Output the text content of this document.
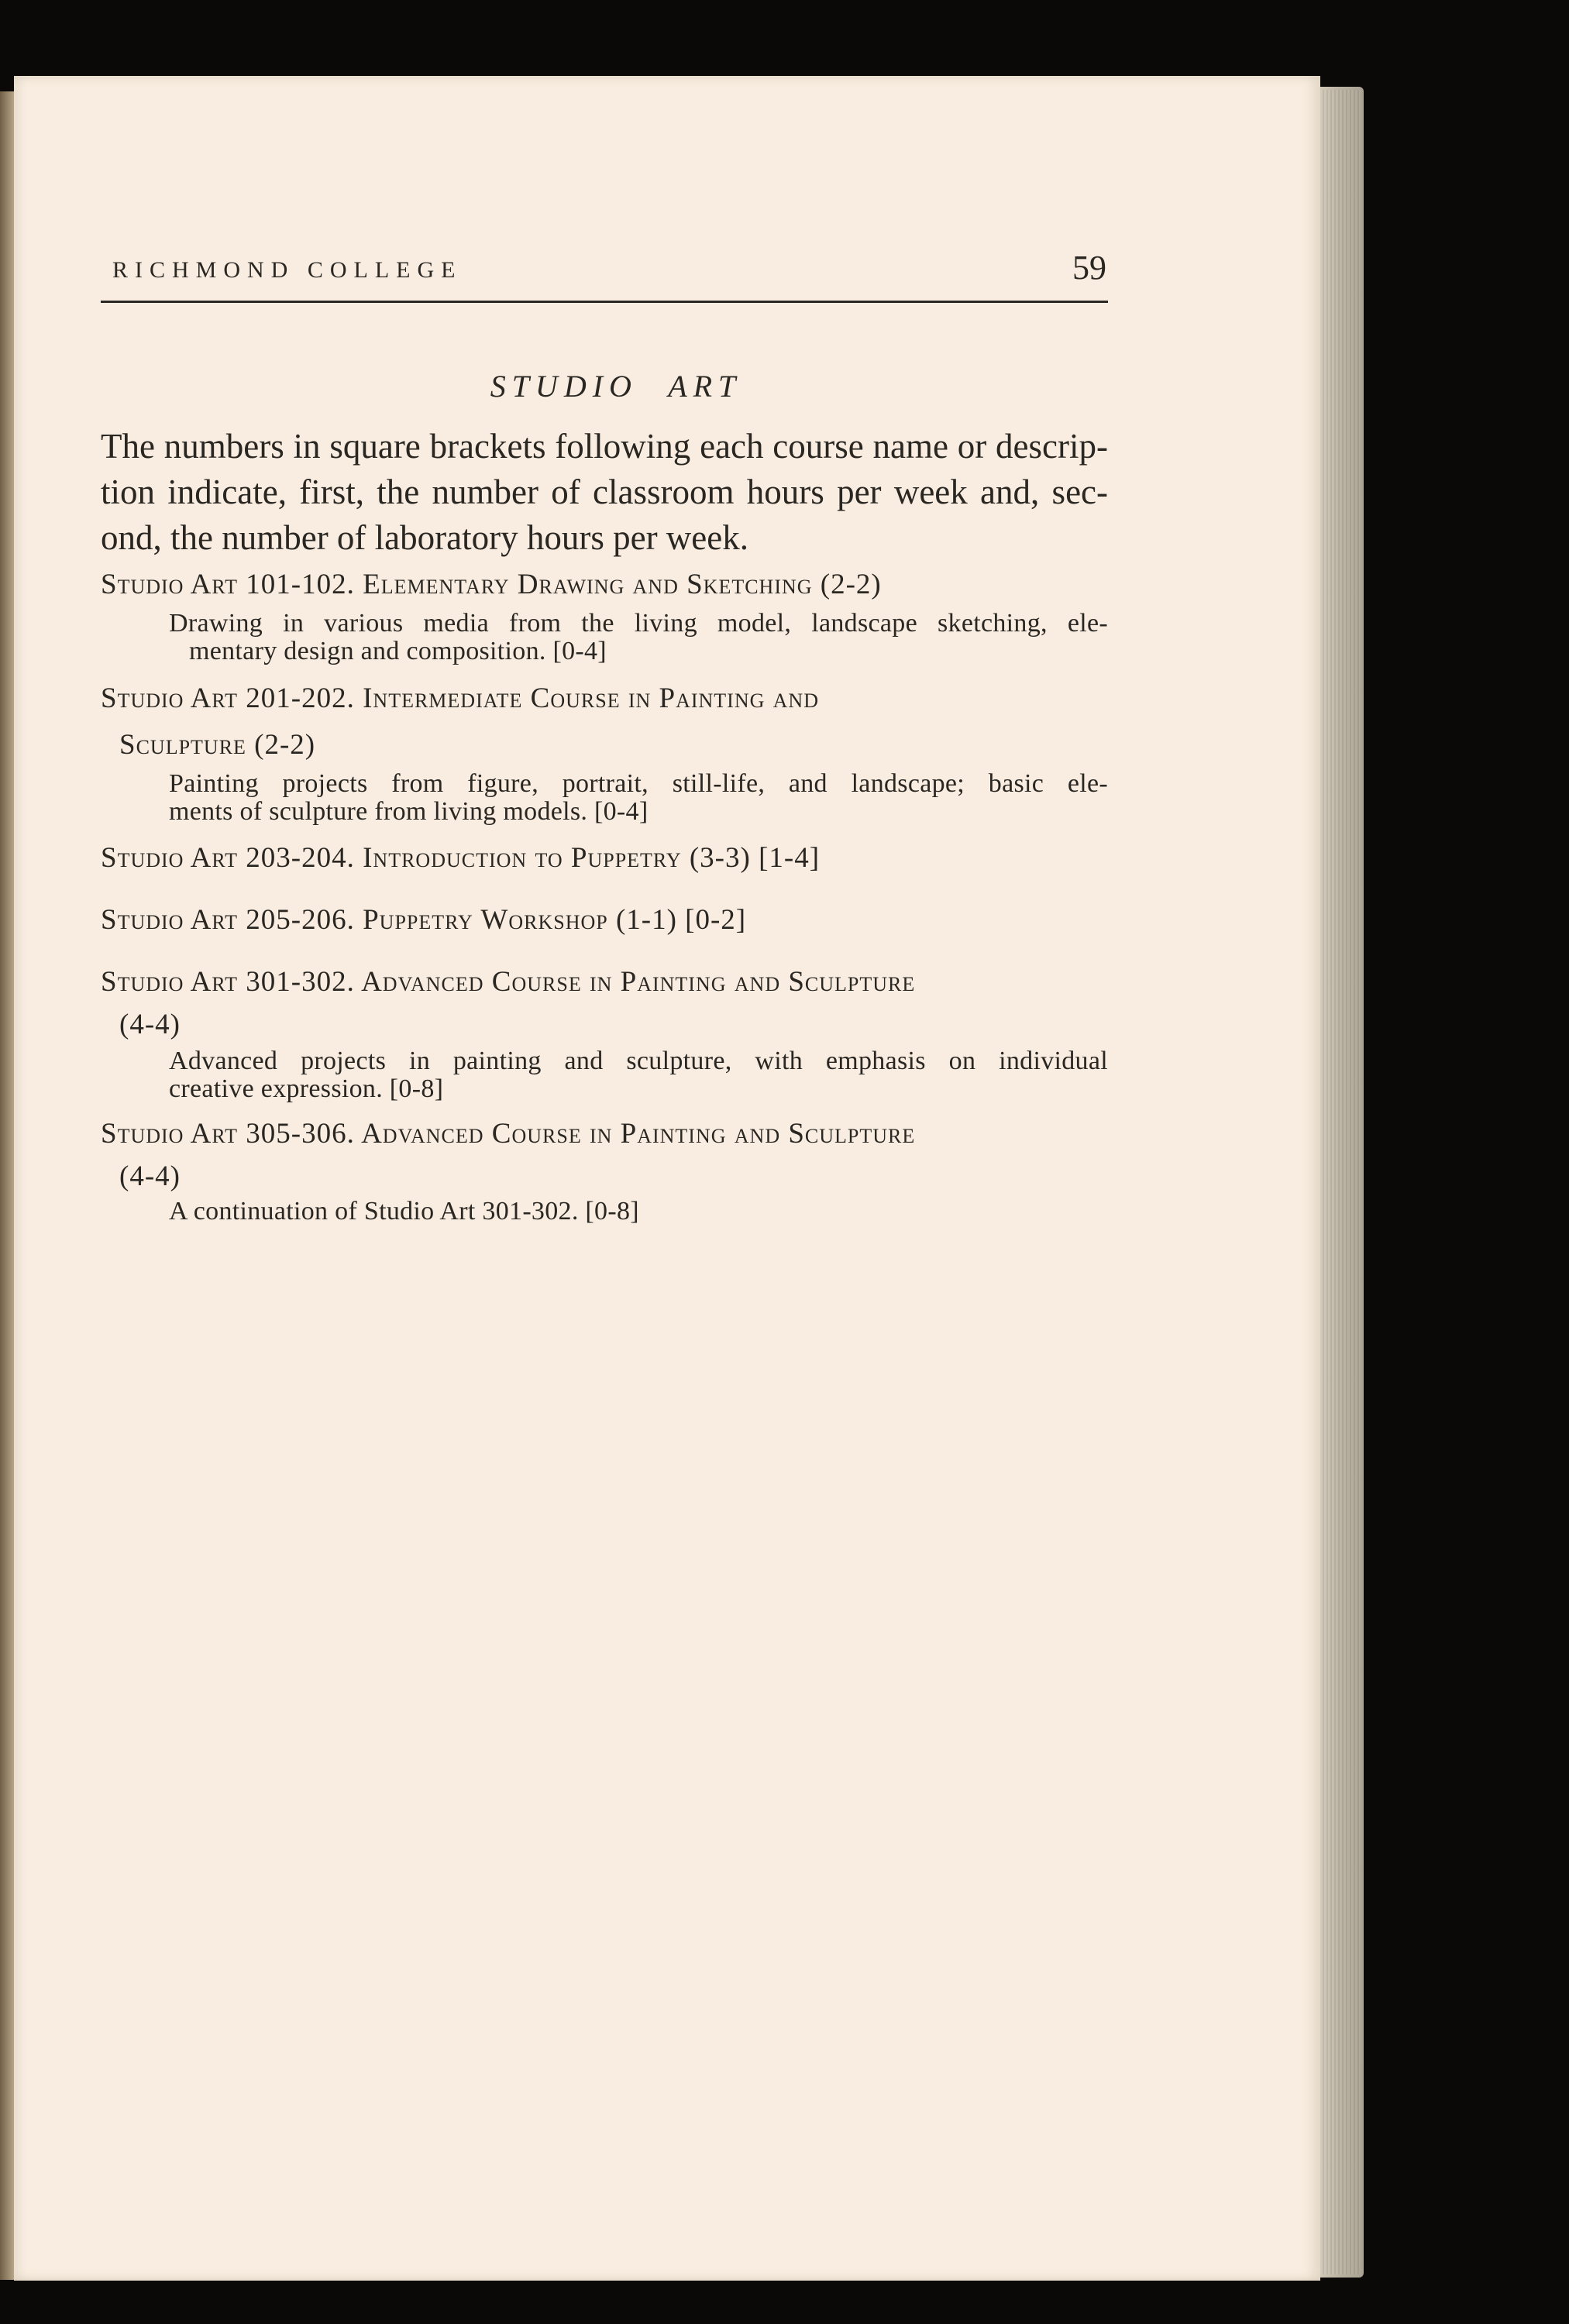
RICHMOND COLLEGE	59
STUDIO ART
The numbers in square brackets following each course name or descrip-
tion indicate, first, the number of classroom hours per week and, sec-
ond, the number of laboratory hours per week.
Studio Art 101-102. Elementary Drawing and Sketching (2-2)
Drawing in various media from the living model, landscape sketching, ele-
mentary design and composition. [0-4]
Studio Art 201-202. Intermediate Course in Painting and
Sculpture (2-2)
Painting projects from figure, portrait, still-life, and landscape; basic ele-
ments of sculpture from living models. [0-4]
Studio Art 203-204. Introduction to Puppetry (3-3) [1-4]
Studio Art 205-206. Puppetry Workshop (1-1) [0-2]
Studio Art 301-302. Advanced Course in Painting and Sculpture
(4-4)
Advanced projects in painting and sculpture, with emphasis on individual
creative expression. [0-8]
Studio Art 305-306. Advanced Course in Painting and Sculpture
(4-4)
A continuation of Studio Art 301-302. [0-8]
